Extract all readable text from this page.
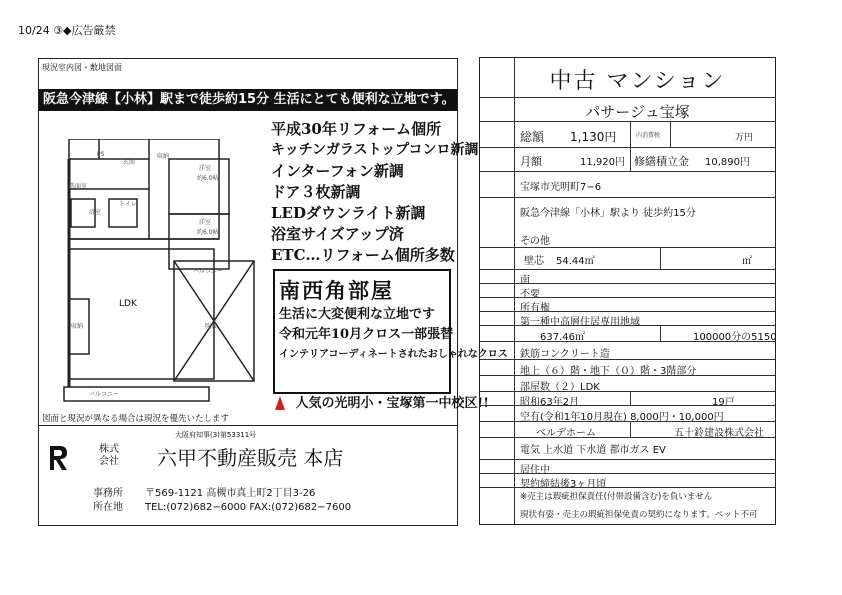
10/24 ③◆広告厳禁
現況室内図・敷地図面
阪急今津線【小林】駅まで徒歩約15分 生活にとても便利な立地です。
PS
玄関
収納
洋室
約6.0帖
洗面室
トイレ
洋室
約6.0帖
浴室
LDK
収納
バルコニー
吹抜
バルコニー
平成30年リフォーム個所
キッチンガラストップコンロ新調
インターフォン新調
ドア３枚新調
LEDダウンライト新調
浴室サイズアップ済
ETC…リフォーム個所多数
南西角部屋
生活に大変便利な立地です
令和元年10月クロス一部張替
インテリアコーディネートされたおしゃれなクロス
人気の光明小・宝塚第一中校区!!
図面と現況が異なる場合は現況を優先いたします
大阪府知事(3)第53311号
株式
会社 六甲不動産販売 本店
事務所 〒569-1121 高槻市真上町2丁目3-26
所在地 TEL:(072)682−6000 FAX:(072)682−7600
中古 マンション
パサージュ宝塚
総額 1,130円	内消費税	万円
月額	11,920円 修繕積立金 10,890円
宝塚市光明町7−6
阪急今津線「小林」駅より 徒歩約15分
その他
壁芯 54.44㎡	㎡
南
不要
所有権
第一種中高層住居専用地域
637.46㎡	100000分の5150
鉄筋コンクリート造
地上（６）階・地下（０）階・3階部分
部屋数（２）LDK
昭和63年2月	19戸
空有(令和1年10月現在) 8,000円・10,000円
ベルデホーム	五十鈴建設株式会社
電気 上水道 下水道 都市ガス EV
居住中
契約締結後3ヶ月頃
※売主は瑕疵担保責任(付帯設備含む)を負いません
現状有姿・売主の瑕疵担保免責の契約になります。ペット不可
